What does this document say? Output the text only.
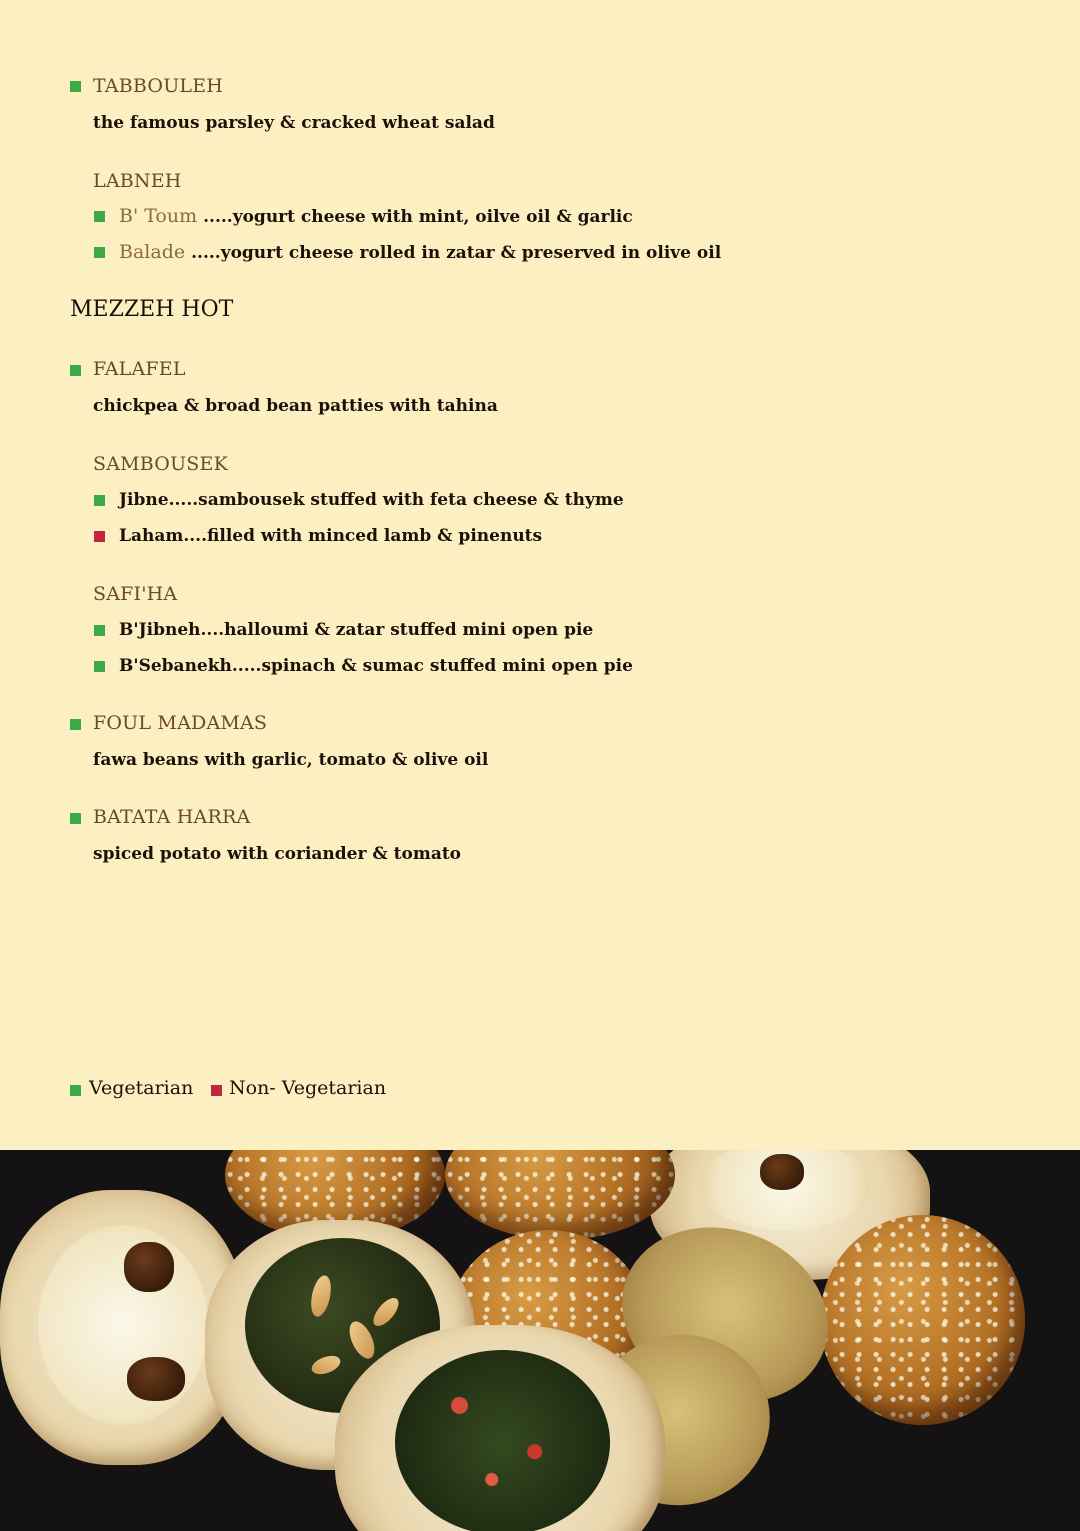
TABBOULEH
the famous parsley & cracked wheat salad
LABNEH
B' Toum .....yogurt cheese with mint, oilve oil & garlic
Balade .....yogurt cheese rolled in zatar & preserved in olive oil
MEZZEH HOT
FALAFEL
chickpea & broad bean patties with tahina
SAMBOUSEK
Jibne.....sambousek stuffed with feta cheese & thyme
Laham....filled with minced lamb & pinenuts
SAFI'HA
B'Jibneh....halloumi & zatar stuffed mini open pie
B'Sebanekh.....spinach & sumac stuffed mini open pie
FOUL MADAMAS
fawa beans with garlic, tomato & olive oil
BATATA HARRA
spiced potato with coriander & tomato
Vegetarian Non- Vegetarian
